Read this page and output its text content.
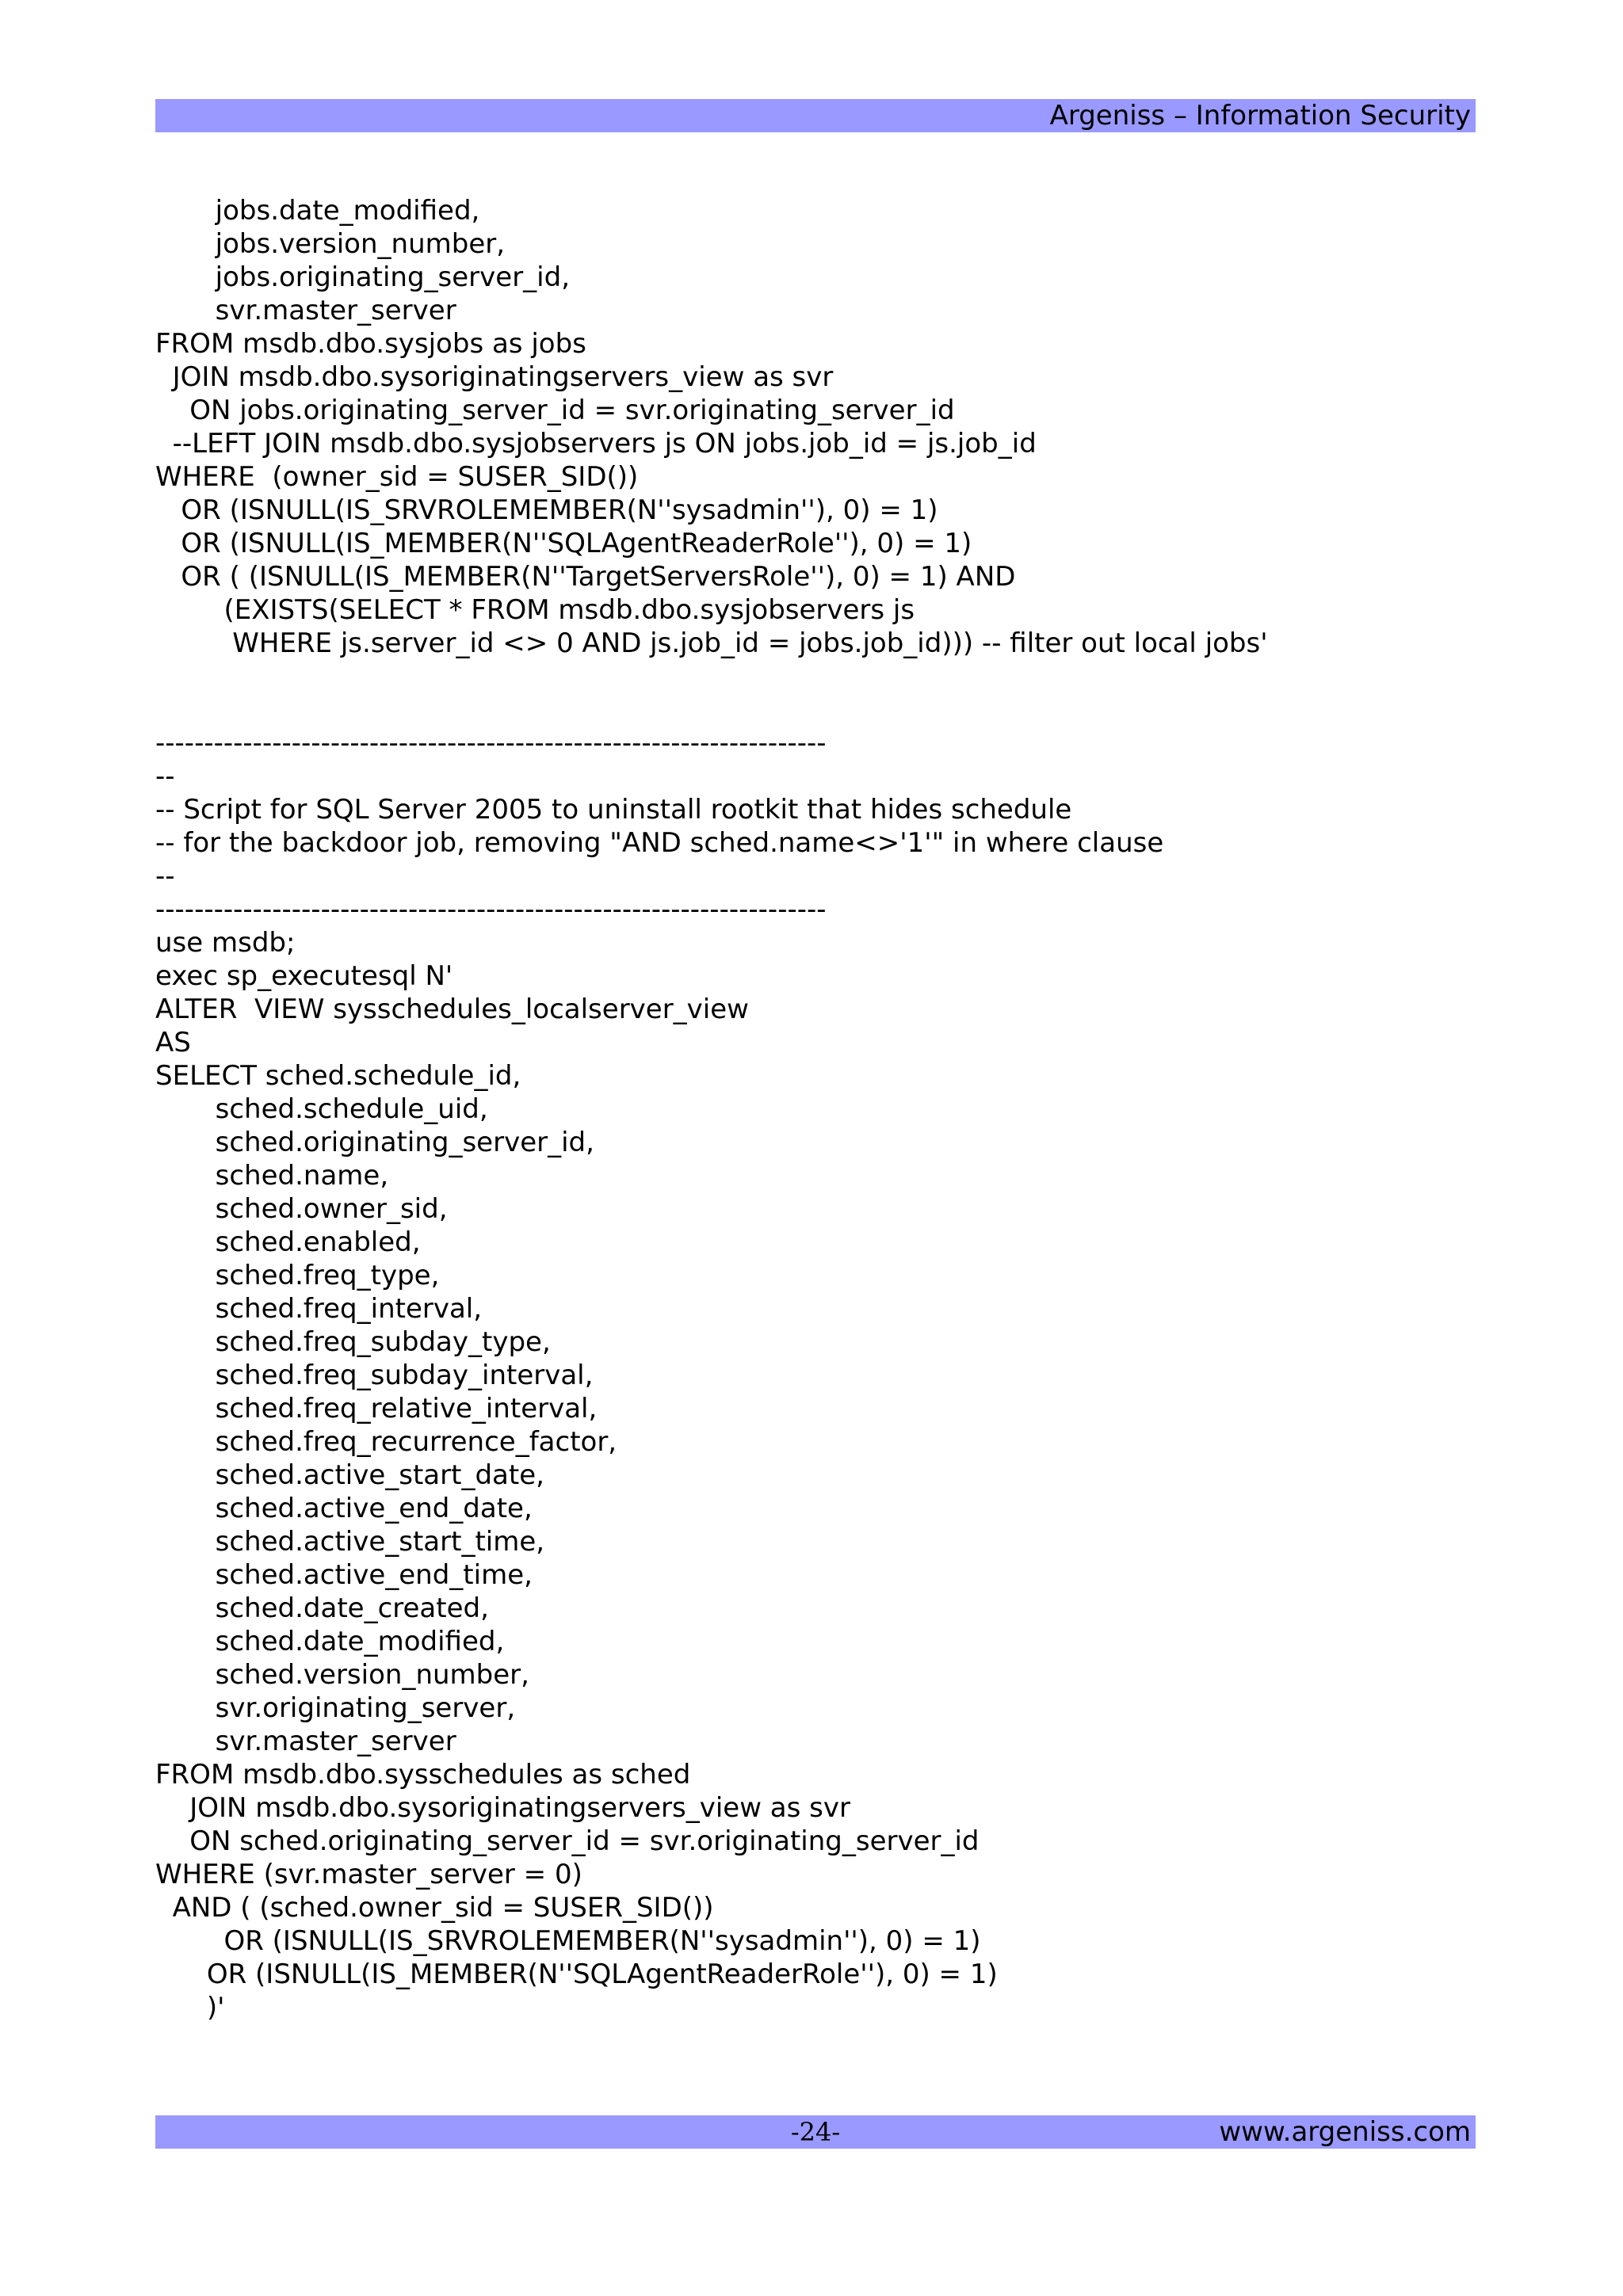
Argeniss – Information Security
jobs.date_modified,
jobs.version_number,
jobs.originating_server_id,
svr.master_server
FROM msdb.dbo.sysjobs as jobs
JOIN msdb.dbo.sysoriginatingservers_view as svr
ON jobs.originating_server_id = svr.originating_server_id
--LEFT JOIN msdb.dbo.sysjobservers js ON jobs.job_id = js.job_id
WHERE  (owner_sid = SUSER_SID())
OR (ISNULL(IS_SRVROLEMEMBER(N''sysadmin''), 0) = 1)
OR (ISNULL(IS_MEMBER(N''SQLAgentReaderRole''), 0) = 1)
OR ( (ISNULL(IS_MEMBER(N''TargetServersRole''), 0) = 1) AND
(EXISTS(SELECT * FROM msdb.dbo.sysjobservers js
WHERE js.server_id <> 0 AND js.job_id = jobs.job_id))) -- filter out local jobs'
---------------------------------------------------------------------
--
-- Script for SQL Server 2005 to uninstall rootkit that hides schedule
-- for the backdoor job, removing "AND sched.name<>'1'" in where clause
--
---------------------------------------------------------------------
use msdb;
exec sp_executesql N'
ALTER  VIEW sysschedules_localserver_view
AS
SELECT sched.schedule_id,
sched.schedule_uid,
sched.originating_server_id,
sched.name,
sched.owner_sid,
sched.enabled,
sched.freq_type,
sched.freq_interval,
sched.freq_subday_type,
sched.freq_subday_interval,
sched.freq_relative_interval,
sched.freq_recurrence_factor,
sched.active_start_date,
sched.active_end_date,
sched.active_start_time,
sched.active_end_time,
sched.date_created,
sched.date_modified,
sched.version_number,
svr.originating_server,
svr.master_server
FROM msdb.dbo.sysschedules as sched
JOIN msdb.dbo.sysoriginatingservers_view as svr
ON sched.originating_server_id = svr.originating_server_id
WHERE (svr.master_server = 0)
AND ( (sched.owner_sid = SUSER_SID())
OR (ISNULL(IS_SRVROLEMEMBER(N''sysadmin''), 0) = 1)
OR (ISNULL(IS_MEMBER(N''SQLAgentReaderRole''), 0) = 1)
)'
-24-	www.argeniss.com
